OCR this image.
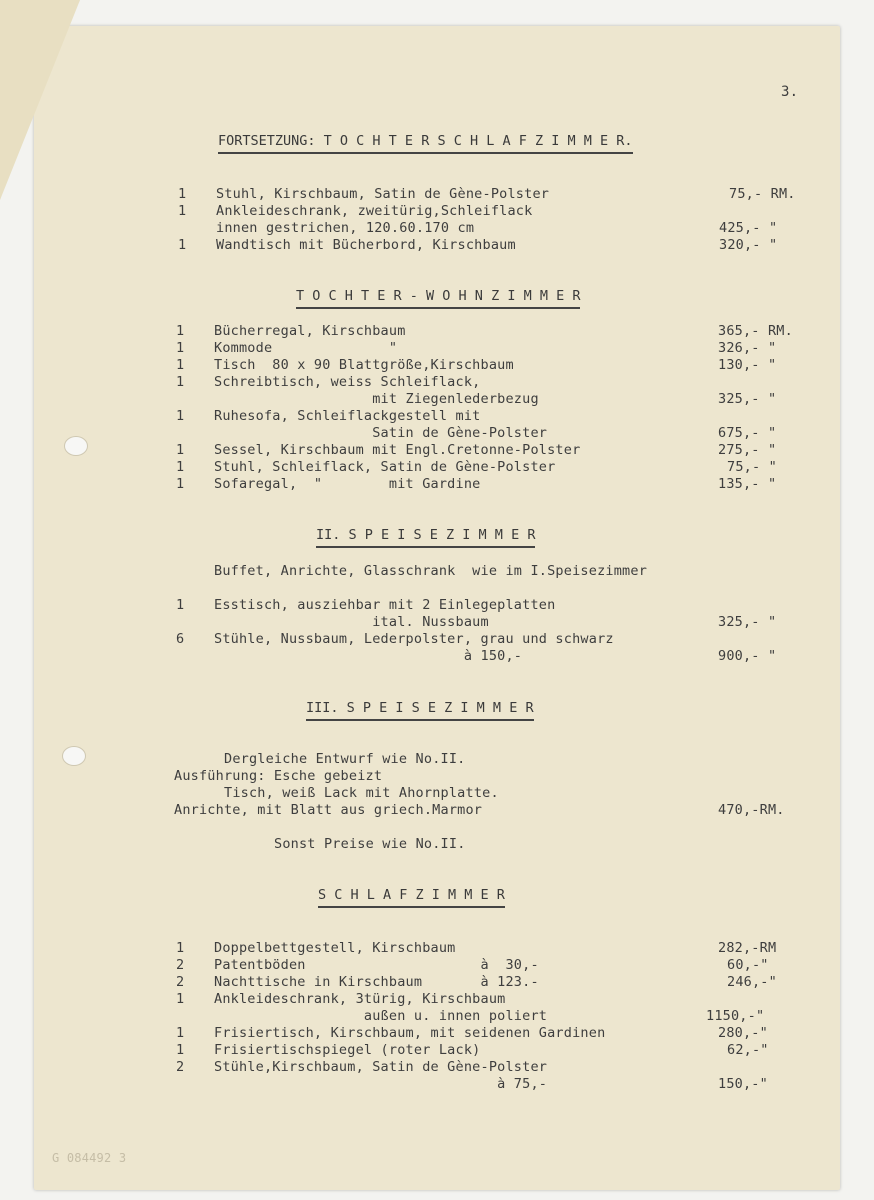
3.
FORTSETZUNG: T O C H T E R S C H L A F Z I M M E R.
1 Stuhl, Kirschbaum, Satin de Gène-Polster	75,- RM.
1 Ankleideschrank, zweitürig,Schleiflack
innen gestrichen, 120.60.170 cm	425,- "
1 Wandtisch mit Bücherbord, Kirschbaum	320,- "
T O C H T E R - W O H N Z I M M E R
1 Bücherregal, Kirschbaum	365,- RM.
1 Kommode              "	326,- "
1 Tisch  80 x 90 Blattgröße,Kirschbaum	130,- "
1 Schreibtisch, weiss Schleiflack,
mit Ziegenlederbezug	325,- "
1 Ruhesofa, Schleiflackgestell mit
Satin de Gène-Polster	675,- "
1 Sessel, Kirschbaum mit Engl.Cretonne-Polster	275,- "
1 Stuhl, Schleiflack, Satin de Gène-Polster	75,- "
1 Sofaregal,  "        mit Gardine	135,- "
II. S P E I S E Z I M M E R
Buffet, Anrichte, Glasschrank  wie im I.Speisezimmer
1 Esstisch, ausziehbar mit 2 Einlegeplatten
ital. Nussbaum	325,- "
6 Stühle, Nussbaum, Lederpolster, grau und schwarz
à 150,-	900,- "
III. S P E I S E Z I M M E R
Dergleiche Entwurf wie No.II.
Ausführung: Esche gebeizt
Tisch, weiß Lack mit Ahornplatte.
Anrichte, mit Blatt aus griech.Marmor	470,-RM.
Sonst Preise wie No.II.
S C H L A F Z I M M E R
1 Doppelbettgestell, Kirschbaum	282,-RM
2 Patentböden                     à  30,-	60,-"
2 Nachttische in Kirschbaum       à 123.-	246,-"
1 Ankleideschrank, 3türig, Kirschbaum
außen u. innen poliert	1150,-"
1 Frisiertisch, Kirschbaum, mit seidenen Gardinen	280,-"
1 Frisiertischspiegel (roter Lack)	62,-"
2 Stühle,Kirschbaum, Satin de Gène-Polster
à 75,-	150,-"
G 084492 3
